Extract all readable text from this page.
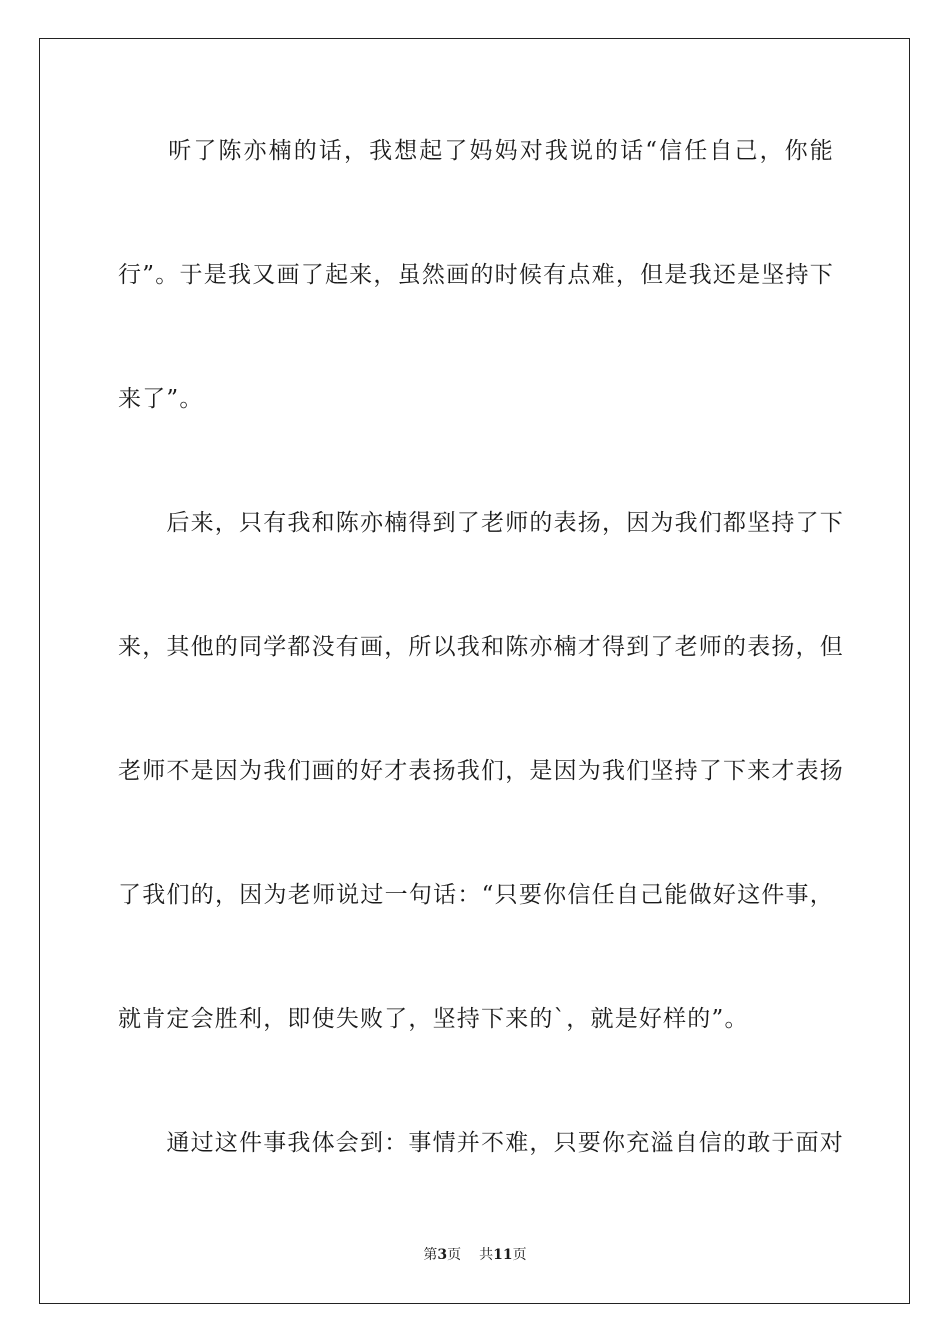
　　听了陈亦楠的话，我想起了妈妈对我说的话“信任自己，你能
行”。于是我又画了起来，虽然画的时候有点难，但是我还是坚持下
来了”。
　　后来，只有我和陈亦楠得到了老师的表扬，因为我们都坚持了下
来，其他的同学都没有画，所以我和陈亦楠才得到了老师的表扬，但
老师不是因为我们画的好才表扬我们，是因为我们坚持了下来才表扬
了我们的，因为老师说过一句话：“只要你信任自己能做好这件事，
就肯定会胜利，即使失败了，坚持下来的`，就是好样的”。
　　通过这件事我体会到：事情并不难，只要你充溢自信的敢于面对
第3页 共11页
